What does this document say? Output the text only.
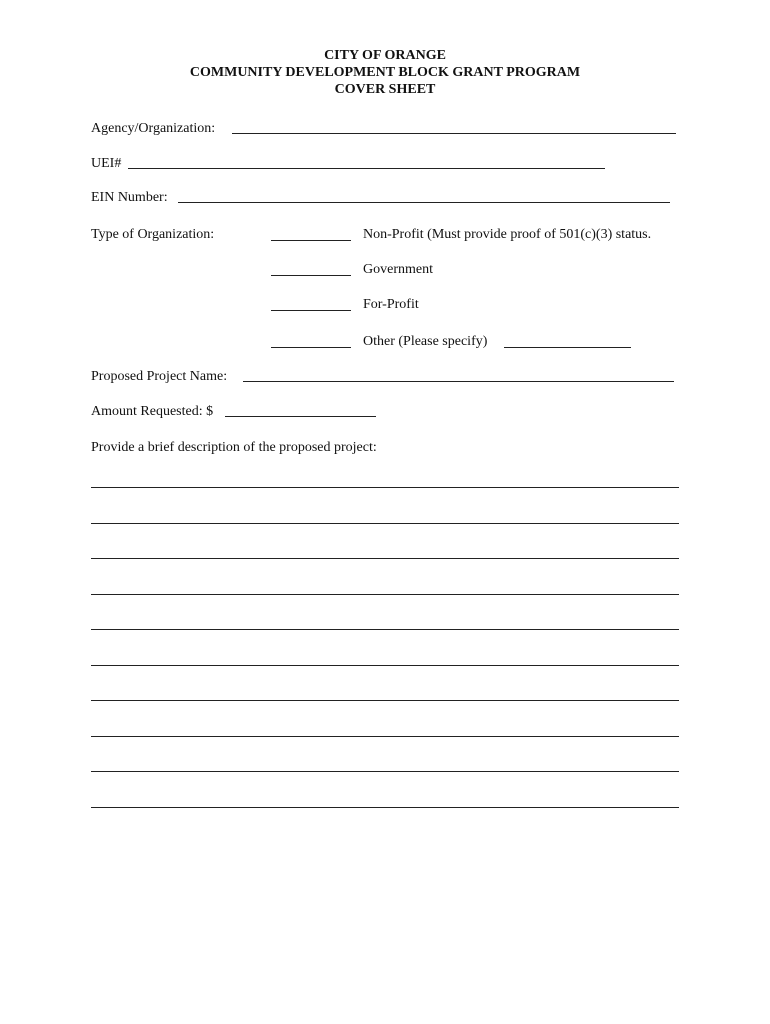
CITY OF ORANGE
COMMUNITY DEVELOPMENT BLOCK GRANT PROGRAM
COVER SHEET
Agency/Organization:
UEI#
EIN Number:
Type of Organization:	Non-Profit (Must provide proof of 501(c)(3) status.
Government
For-Profit
Other (Please specify)
Proposed Project Name:
Amount Requested: $
Provide a brief description of the proposed project:
